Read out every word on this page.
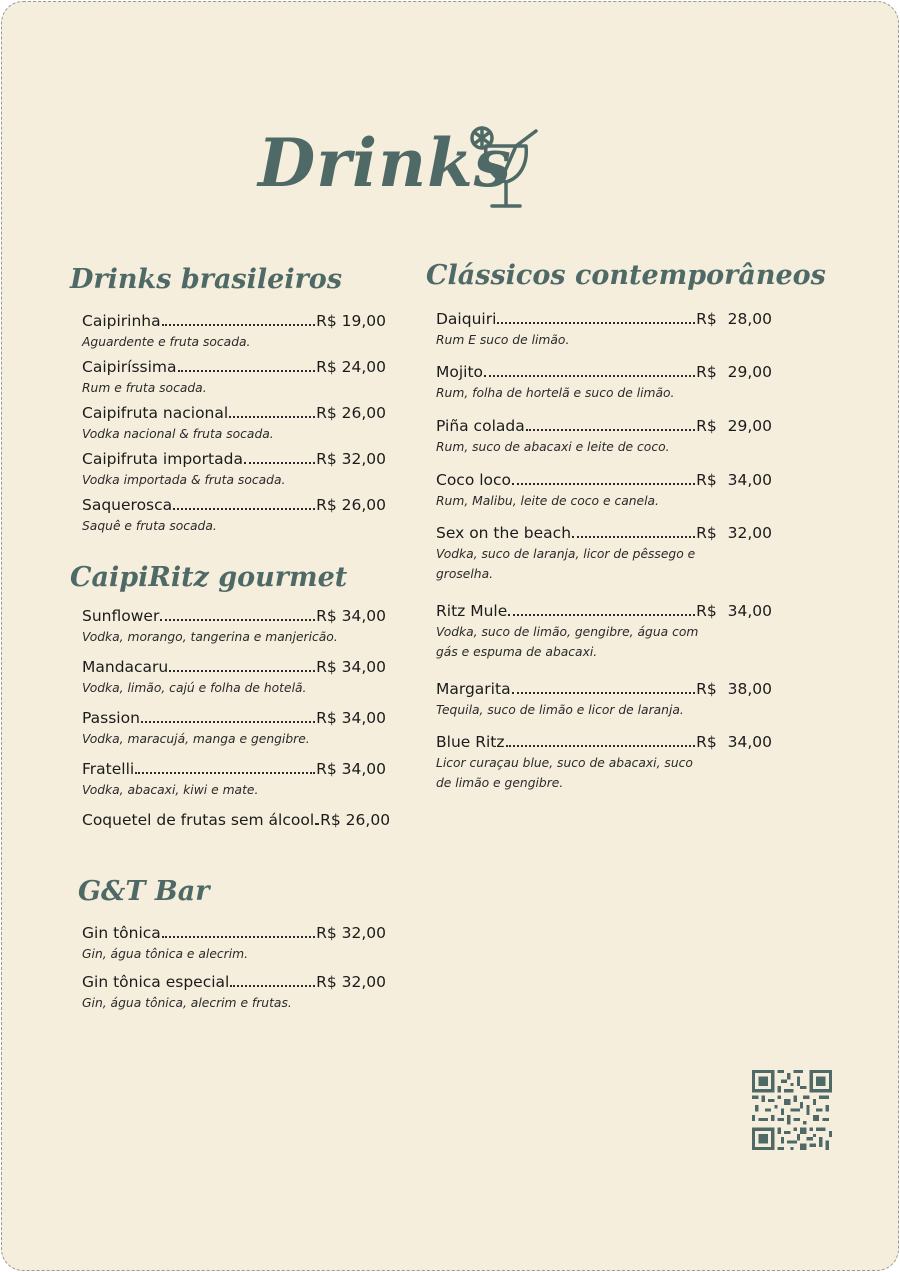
Drinks
Drinks brasileiros
Caipirinha	R$ 19,00
Aguardente e fruta socada.
Caipiríssima	R$ 24,00
Rum e fruta socada.
Caipifruta nacional	R$ 26,00
Vodka nacional & fruta socada.
Caipifruta importada	R$ 32,00
Vodka importada & fruta socada.
Saquerosca	R$ 26,00
Saquê e fruta socada.
CaipiRitz gourmet
Sunflower	R$ 34,00
Vodka, morango, tangerina e manjericão.
Mandacaru	R$ 34,00
Vodka, limão, cajú e folha de hotelã.
Passion	R$ 34,00
Vodka, maracujá, manga e gengibre.
Fratelli	R$ 34,00
Vodka, abacaxi, kiwi e mate.
Coquetel de frutas sem álcool R$ 26,00
G&T Bar
Gin tônica	R$ 32,00
Gin, água tônica e alecrim.
Gin tônica especial	R$ 32,00
Gin, água tônica, alecrim e frutas.
Clássicos contemporâneos
Daiquiri	R$ 28,00
Rum E suco de limão.
Mojito	R$ 29,00
Rum, folha de hortelã e suco de limão.
Piña colada	R$ 29,00
Rum, suco de abacaxi e leite de coco.
Coco loco	R$ 34,00
Rum, Malibu, leite de coco e canela.
Sex on the beach	R$ 32,00
Vodka, suco de laranja, licor de pêssego e groselha.
Ritz Mule	R$ 34,00
Vodka, suco de limão, gengibre, água com gás e espuma de abacaxi.
Margarita	R$ 38,00
Tequila, suco de limão e licor de laranja.
Blue Ritz	R$ 34,00
Licor curaçau blue, suco de abacaxi, suco de limão e gengibre.
